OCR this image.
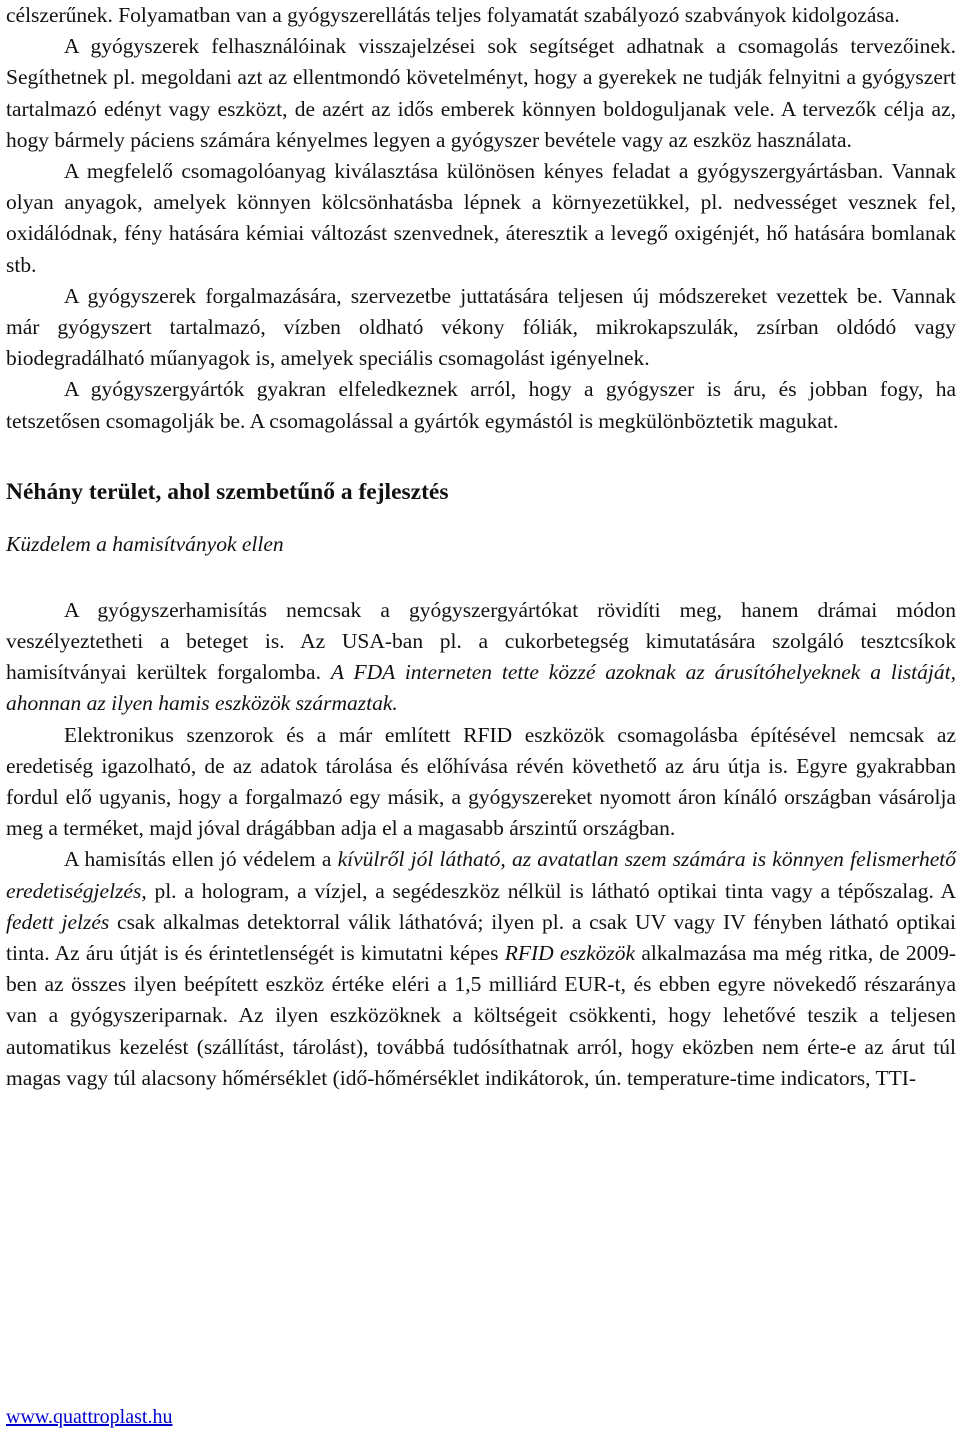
célszerűnek. Folyamatban van a gyógyszerellátás teljes folyamatát szabályozó szabványok kidolgozása.

A gyógyszerek felhasználóinak visszajelzései sok segítséget adhatnak a csomagolás tervezőinek. Segíthetnek pl. megoldani azt az ellentmondó követelményt, hogy a gyerekek ne tudják felnyitni a gyógyszert tartalmazó edényt vagy eszközt, de azért az idős emberek könnyen boldoguljanak vele. A tervezők célja az, hogy bármely páciens számára kényelmes legyen a gyógyszer bevétele vagy az eszköz használata.

A megfelelő csomagolóanyag kiválasztása különösen kényes feladat a gyógyszergyártásban. Vannak olyan anyagok, amelyek könnyen kölcsönhatásba lépnek a környezetükkel, pl. nedvességet vesznek fel, oxidálódnak, fény hatására kémiai változást szenvednek, áteresztik a levegő oxigénjét, hő hatására bomlanak stb.

A gyógyszerek forgalmazására, szervezetbe juttatására teljesen új módszereket vezettek be. Vannak már gyógyszert tartalmazó, vízben oldható vékony fóliák, mikrokapszulák, zsírban oldódó vagy biodegradálható műanyagok is, amelyek speciális csomagolást igényelnek.

A gyógyszergyártók gyakran elfeledkeznek arról, hogy a gyógyszer is áru, és jobban fogy, ha tetszetősen csomagolják be. A csomagolással a gyártók egymástól is megkülönböztetik magukat.

Néhány terület, ahol szembetűnő a fejlesztés

Küzdelem a hamisítványok ellen

A gyógyszerhamisítás nemcsak a gyógyszergyártókat rövidíti meg, hanem drámai módon veszélyeztetheti a beteget is. Az USA-ban pl. a cukorbetegség kimutatására szolgáló tesztcsíkok hamisítványai kerültek forgalomba. A FDA interneten tette közzé azoknak az árusítóhelyeknek a listáját, ahonnan az ilyen hamis eszközök származtak.

Elektronikus szenzorok és a már említett RFID eszközök csomagolásba építésével nemcsak az eredetiség igazolható, de az adatok tárolása és előhívása révén követhető az áru útja is. Egyre gyakrabban fordul elő ugyanis, hogy a forgalmazó egy másik, a gyógyszereket nyomott áron kínáló országban vásárolja meg a terméket, majd jóval drágábban adja el a magasabb árszintű országban.

A hamisítás ellen jó védelem a kívülről jól látható, az avatatlan szem számára is könnyen felismerhető eredetiségjelzés, pl. a hologram, a vízjel, a segédeszköz nélkül is látható optikai tinta vagy a tépőszalag. A fedett jelzés csak alkalmas detektorral válik láthatóvá; ilyen pl. a csak UV vagy IV fényben látható optikai tinta. Az áru útját is és érintetlenségét is kimutatni képes RFID eszközök alkalmazása ma még ritka, de 2009-ben az összes ilyen beépített eszköz értéke eléri a 1,5 milliárd EUR-t, és ebben egyre növekedő részaránya van a gyógyszeriparnak. Az ilyen eszközöknek a költségeit csökkenti, hogy lehetővé teszik a teljesen automatikus kezelést (szállítást, tárolást), továbbá tudósíthatnak arról, hogy eközben nem érte-e az árut túl magas vagy túl alacsony hőmérséklet (idő-hőmérséklet indikátorok, ún. temperature-time indicators, TTI-

www.quattroplast.hu
